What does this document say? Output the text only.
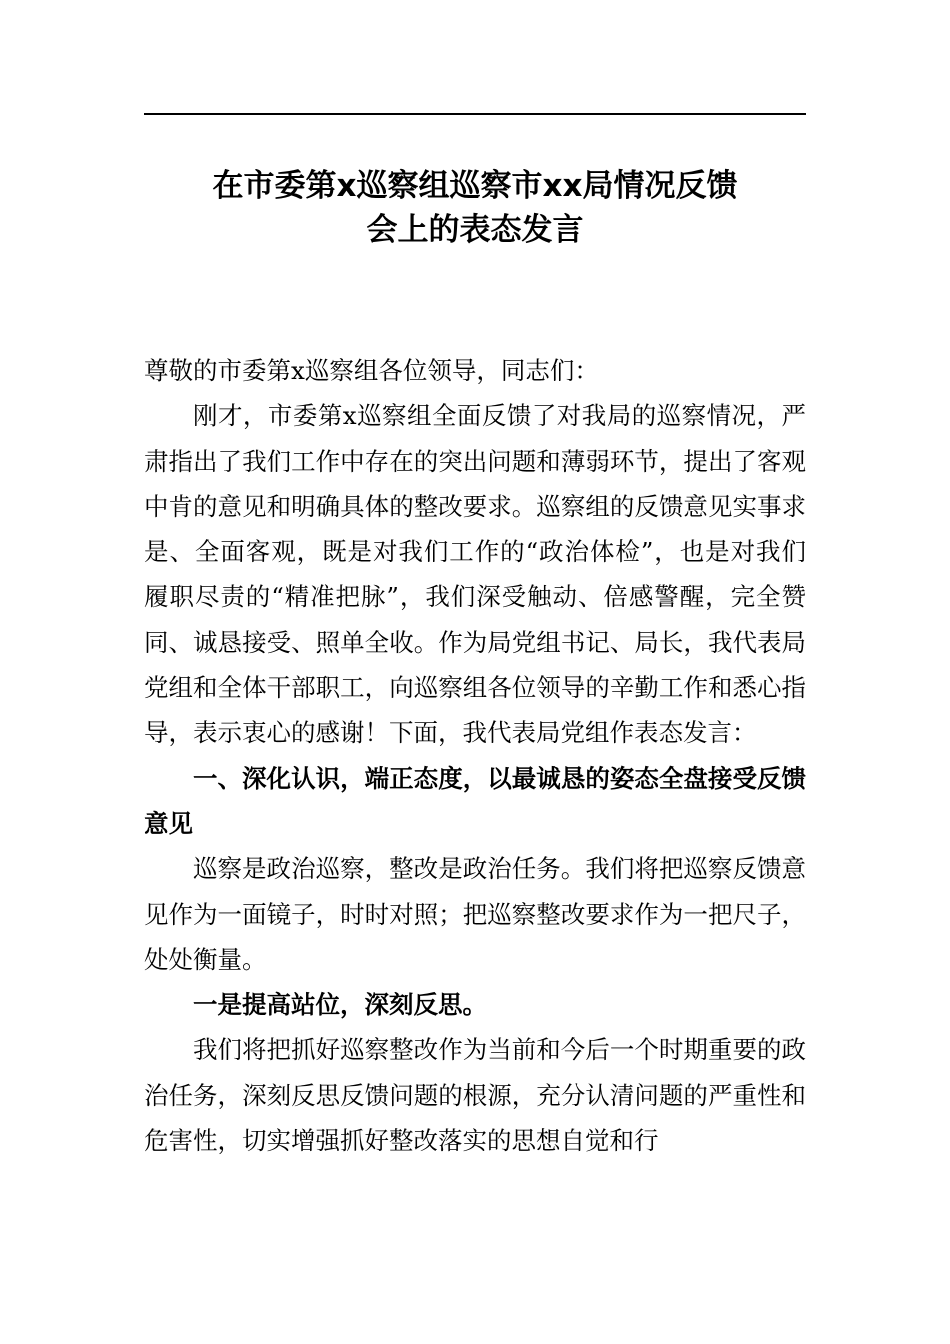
在市委第x巡察组巡察市xx局情况反馈
会上的表态发言

尊敬的市委第x巡察组各位领导，同志们：

刚才，市委第x巡察组全面反馈了对我局的巡察情况，严肃指出了我们工作中存在的突出问题和薄弱环节，提出了客观中肯的意见和明确具体的整改要求。巡察组的反馈意见实事求是、全面客观，既是对我们工作的“政治体检”，也是对我们履职尽责的“精准把脉”，我们深受触动、倍感警醒，完全赞同、诚恳接受、照单全收。作为局党组书记、局长，我代表局党组和全体干部职工，向巡察组各位领导的辛勤工作和悉心指导，表示衷心的感谢！下面，我代表局党组作表态发言：

一、深化认识，端正态度，以最诚恳的姿态全盘接受反馈意见

巡察是政治巡察，整改是政治任务。我们将把巡察反馈意见作为一面镜子，时时对照；把巡察整改要求作为一把尺子，处处衡量。

一是提高站位，深刻反思。

我们将把抓好巡察整改作为当前和今后一个时期重要的政治任务，深刻反思反馈问题的根源，充分认清问题的严重性和危害性，切实增强抓好整改落实的思想自觉和行
